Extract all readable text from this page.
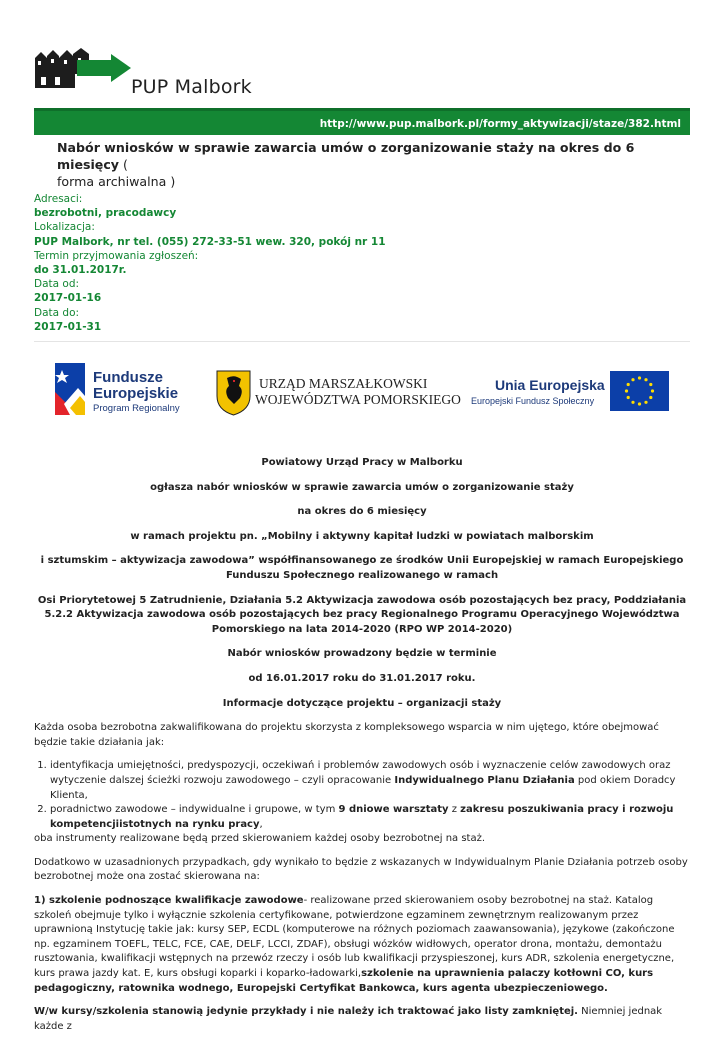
PUP Malbork
http://www.pup.malbork.pl/formy_aktywizacji/staze/382.html
Nabór wniosków w sprawie zawarcia umów o zorganizowanie staży na okres do 6 miesięcy (
forma archiwalna )
Adresaci:
bezrobotni, pracodawcy
Lokalizacja:
PUP Malbork, nr tel. (055) 272-33-51 wew. 320, pokój nr 11
Termin przyjmowania zgłoszeń:
do 31.01.2017r.
Data od:
2017-01-16
Data do:
2017-01-31
Fundusze
Europejskie
Program Regionalny
URZĄD MARSZAŁKOWSKI
WOJEWÓDZTWA POMORSKIEGO
Unia Europejska
Europejski Fundusz Społeczny
Powiatowy Urząd Pracy w Malborku
ogłasza nabór wniosków w sprawie zawarcia umów o zorganizowanie staży
na okres do 6 miesięcy
w ramach projektu pn. „Mobilny i aktywny kapitał ludzki w powiatach malborskim
i sztumskim – aktywizacja zawodowa” współfinansowanego ze środków Unii Europejskiej w ramach Europejskiego Funduszu Społecznego realizowanego w ramach
Osi Priorytetowej 5 Zatrudnienie, Działania 5.2 Aktywizacja zawodowa osób pozostających bez pracy, Poddziałania 5.2.2 Aktywizacja zawodowa osób pozostających bez pracy Regionalnego Programu Operacyjnego Województwa Pomorskiego na lata 2014-2020 (RPO WP 2014-2020)
Nabór wniosków prowadzony będzie w terminie
od 16.01.2017 roku do 31.01.2017 roku.
Informacje dotyczące projektu – organizacji staży

Każda osoba bezrobotna zakwalifikowana do projektu skorzysta z kompleksowego wsparcia w nim ujętego, które obejmować będzie takie działania jak:

1. identyfikacja umiejętności, predyspozycji, oczekiwań i problemów zawodowych osób i wyznaczenie celów zawodowych oraz wytyczenie dalszej ścieżki rozwoju zawodowego – czyli opracowanie Indywidualnego Planu Działania pod okiem Doradcy Klienta,
2. poradnictwo zawodowe – indywidualne i grupowe, w tym 9 dniowe warsztaty z zakresu poszukiwania pracy i rozwoju kompetencjiistotnych na rynku pracy,

oba instrumenty realizowane będą przed skierowaniem każdej osoby bezrobotnej na staż.

Dodatkowo w uzasadnionych przypadkach, gdy wynikało to będzie z wskazanych w Indywidualnym Planie Działania potrzeb osoby bezrobotnej może ona zostać skierowana na:

1) szkolenie podnoszące kwalifikacje zawodowe- realizowane przed skierowaniem osoby bezrobotnej na staż. Katalog szkoleń obejmuje tylko i wyłącznie szkolenia certyfikowane, potwierdzone egzaminem zewnętrznym realizowanym przez uprawnioną Instytucję takie jak: kursy SEP, ECDL (komputerowe na różnych poziomach zaawansowania), językowe (zakończone np. egzaminem TOEFL, TELC, FCE, CAE, DELF, LCCI, ZDAF), obsługi wózków widłowych, operator drona, montażu, demontażu rusztowania, kwalifikacji wstępnych na przewóz rzeczy i osób lub kwalifikacji przyspieszonej, kurs ADR, szkolenia energetyczne, kurs prawa jazdy kat. E, kurs obsługi koparki i koparko-ładowarki,szkolenie na uprawnienia palaczy kotłowni CO, kurs pedagogiczny, ratownika wodnego, Europejski Certyfikat Bankowca, kurs agenta ubezpieczeniowego.

W/w kursy/szkolenia stanowią jedynie przykłady i nie należy ich traktować jako listy zamkniętej. Niemniej jednak każde z
